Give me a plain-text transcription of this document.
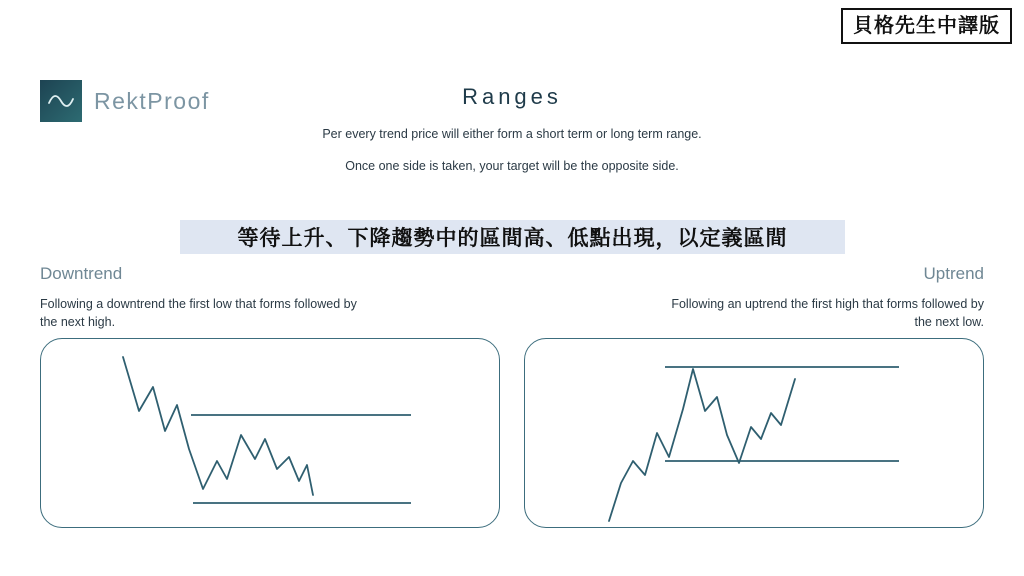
貝格先生中譯版
RektProof	Ranges
Per every trend price will either form a short term or long term range.
Once one side is taken, your target will be the opposite side.
等待上升、下降趨勢中的區間高、低點出現，以定義區間
Downtrend
Following a downtrend the first low that forms followed by the next high.
Uptrend
Following an uptrend the first high that forms followed by the next low.
